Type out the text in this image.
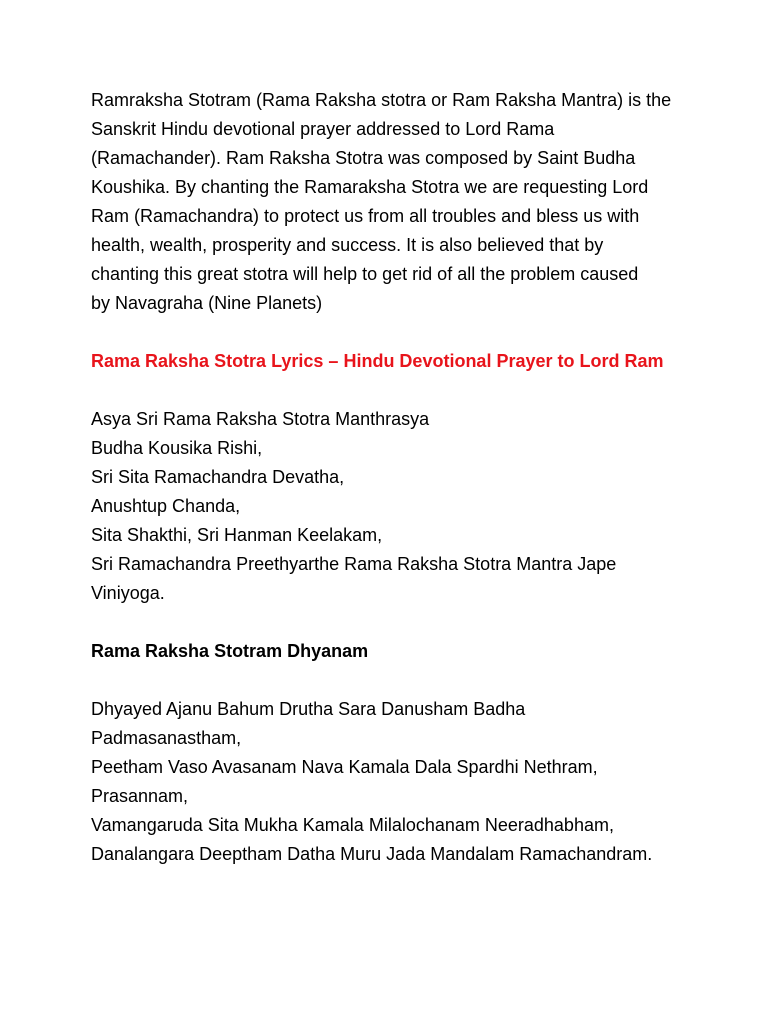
Ramraksha Stotram (Rama Raksha stotra or Ram Raksha Mantra) is the
Sanskrit Hindu devotional prayer addressed to Lord Rama
(Ramachander). Ram Raksha Stotra was composed by Saint Budha
Koushika. By chanting the Ramaraksha Stotra we are requesting Lord
Ram (Ramachandra) to protect us from all troubles and bless us with
health, wealth, prosperity and success. It is also believed that by
chanting this great stotra will help to get rid of all the problem caused
by Navagraha (Nine Planets)

Rama Raksha Stotra Lyrics – Hindu Devotional Prayer to Lord Ram

Asya Sri Rama Raksha Stotra Manthrasya
Budha Kousika Rishi,
Sri Sita Ramachandra Devatha,
Anushtup Chanda,
Sita Shakthi, Sri Hanman Keelakam,
Sri Ramachandra Preethyarthe Rama Raksha Stotra Mantra Jape
Viniyoga.

Rama Raksha Stotram Dhyanam

Dhyayed Ajanu Bahum Drutha Sara Danusham Badha
Padmasanastham,
Peetham Vaso Avasanam Nava Kamala Dala Spardhi Nethram,
Prasannam,
Vamangaruda Sita Mukha Kamala Milalochanam Neeradhabham,
Danalangara Deeptham Datha Muru Jada Mandalam Ramachandram.
